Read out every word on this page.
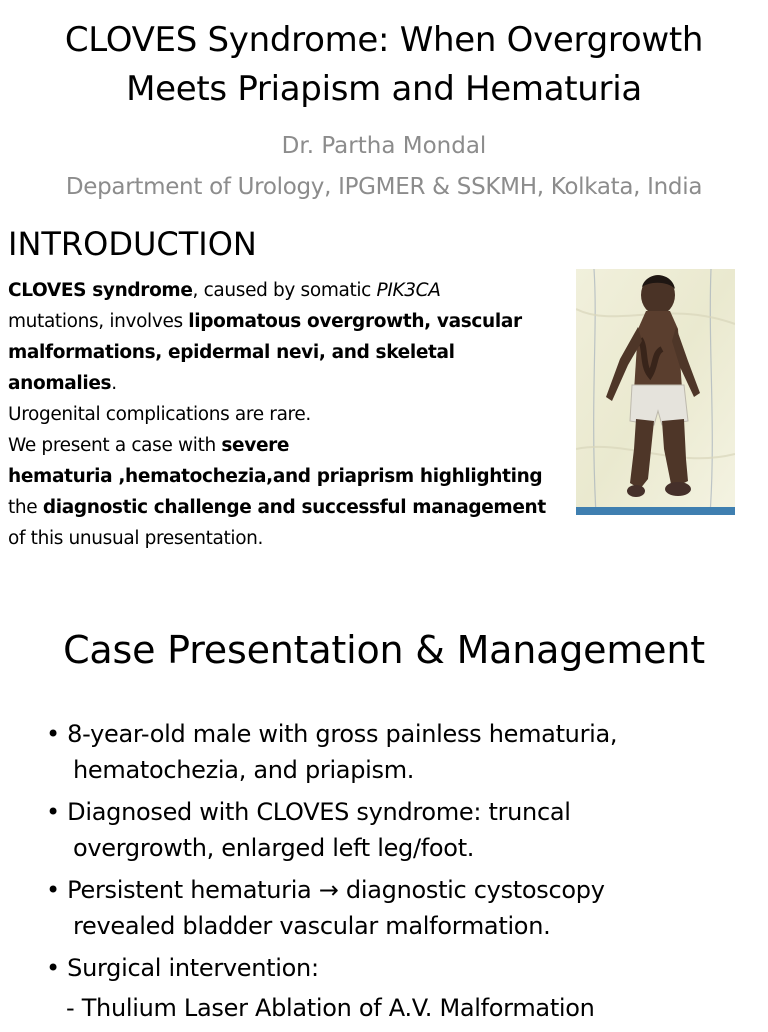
CLOVES Syndrome: When Overgrowth
Meets Priapism and Hematuria
Dr. Partha Mondal
Department of Urology, IPGMER & SSKMH, Kolkata, India
INTRODUCTION
CLOVES syndrome, caused by somatic PIK3CA
mutations, involves lipomatous overgrowth, vascular
malformations, epidermal nevi, and skeletal
anomalies.
Urogenital complications are rare.
We present a case with severe
hematuria ,hematochezia,and priaprism highlighting
the diagnostic challenge and successful management
of this unusual presentation.
Case Presentation & Management
• 8-year-old male with gross painless hematuria,
hematochezia, and priapism.
• Diagnosed with CLOVES syndrome: truncal
overgrowth, enlarged left leg/foot.
• Persistent hematuria → diagnostic cystoscopy
revealed bladder vascular malformation.
• Surgical intervention:
- Thulium Laser Ablation of A.V. Malformation
